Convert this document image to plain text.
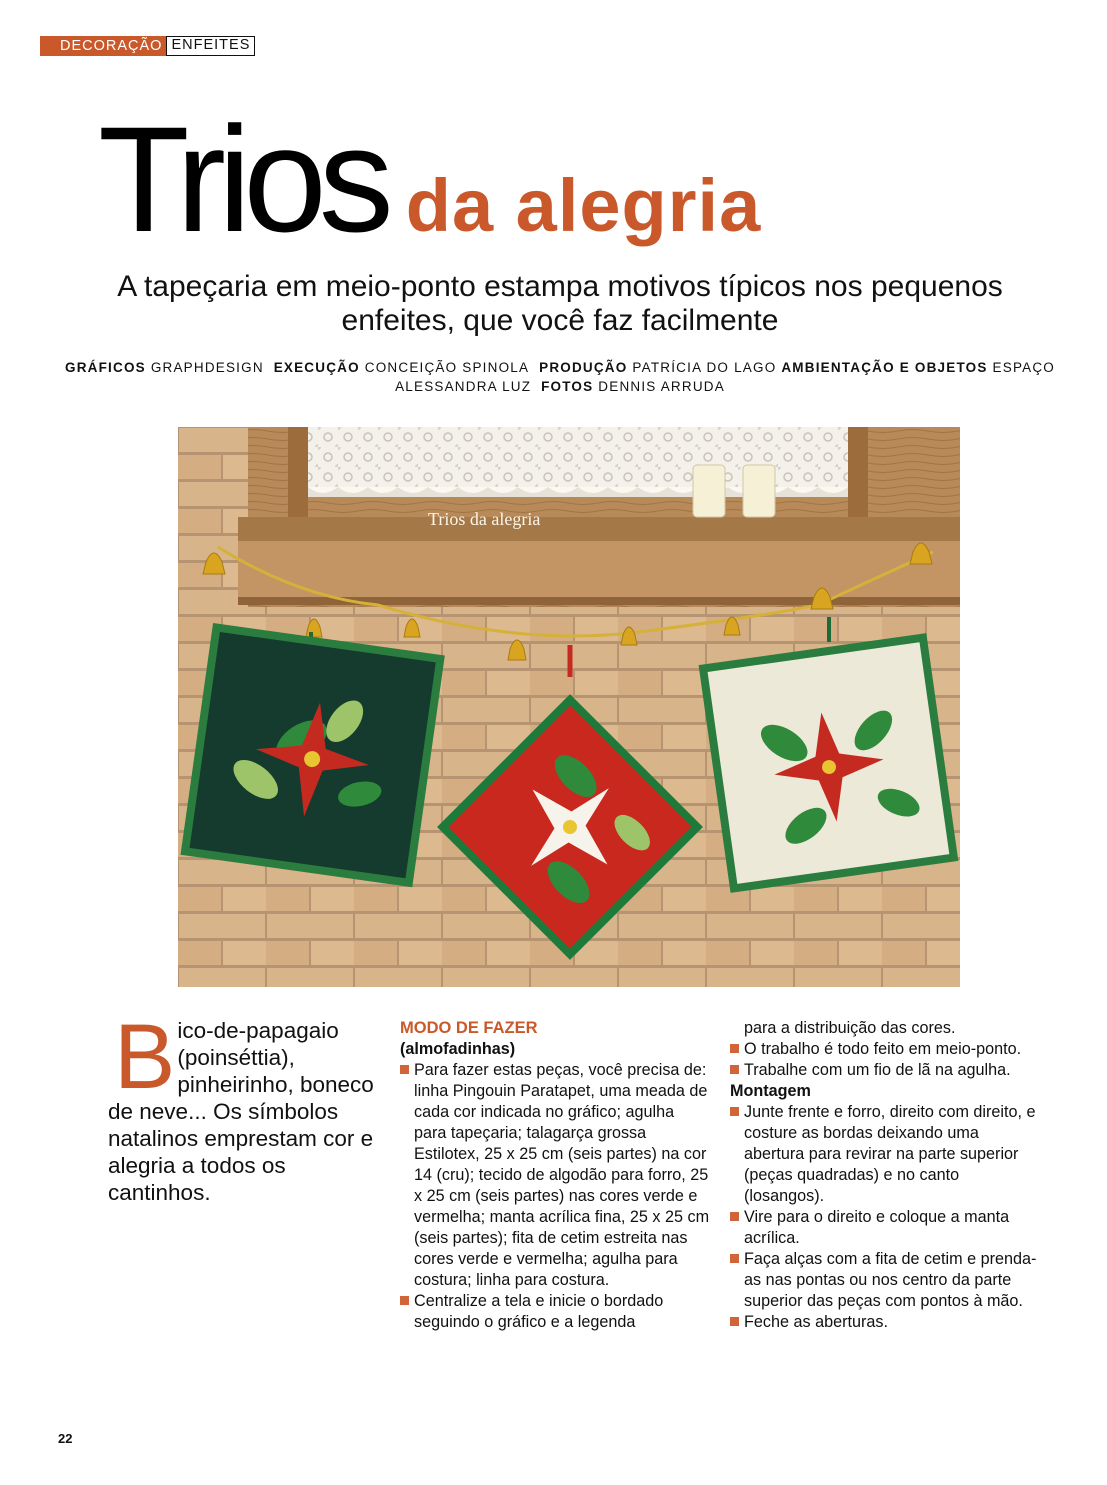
DECORAÇÃO ENFEITES
Trios da alegria
A tapeçaria em meio-ponto estampa motivos típicos nos pequenos enfeites, que você faz facilmente
GRÁFICOS GRAPHDESIGN EXECUÇÃO CONCEIÇÃO SPINOLA PRODUÇÃO PATRÍCIA DO LAGO AMBIENTAÇÃO E OBJETOS ESPAÇO ALESSANDRA LUZ FOTOS DENNIS ARRUDA
Trios da alegria
Bico-de-papagaio (poinséttia), pinheirinho, boneco de neve... Os símbolos natalinos emprestam cor e alegria a todos os cantinhos.
MODO DE FAZER
(almofadinhas)
Para fazer estas peças, você precisa de: linha Pingouin Paratapet, uma meada de cada cor indicada no gráfico; agulha para tapeçaria; talagarça grossa Estilotex, 25 x 25 cm (seis partes) na cor 14 (cru); tecido de algodão para forro, 25 x 25 cm (seis partes) nas cores verde e vermelha; manta acrílica fina, 25 x 25 cm (seis partes); fita de cetim estreita nas cores verde e vermelha; agulha para costura; linha para costura.
Centralize a tela e inicie o bordado seguindo o gráfico e a legenda
para a distribuição das cores.
O trabalho é todo feito em meio-ponto.
Trabalhe com um fio de lã na agulha.
Montagem
Junte frente e forro, direito com direito, e costure as bordas deixando uma abertura para revirar na parte superior (peças quadradas) e no canto (losangos).
Vire para o direito e coloque a manta acrílica.
Faça alças com a fita de cetim e prenda-as nas pontas ou nos centro da parte superior das peças com pontos à mão.
Feche as aberturas.
22
